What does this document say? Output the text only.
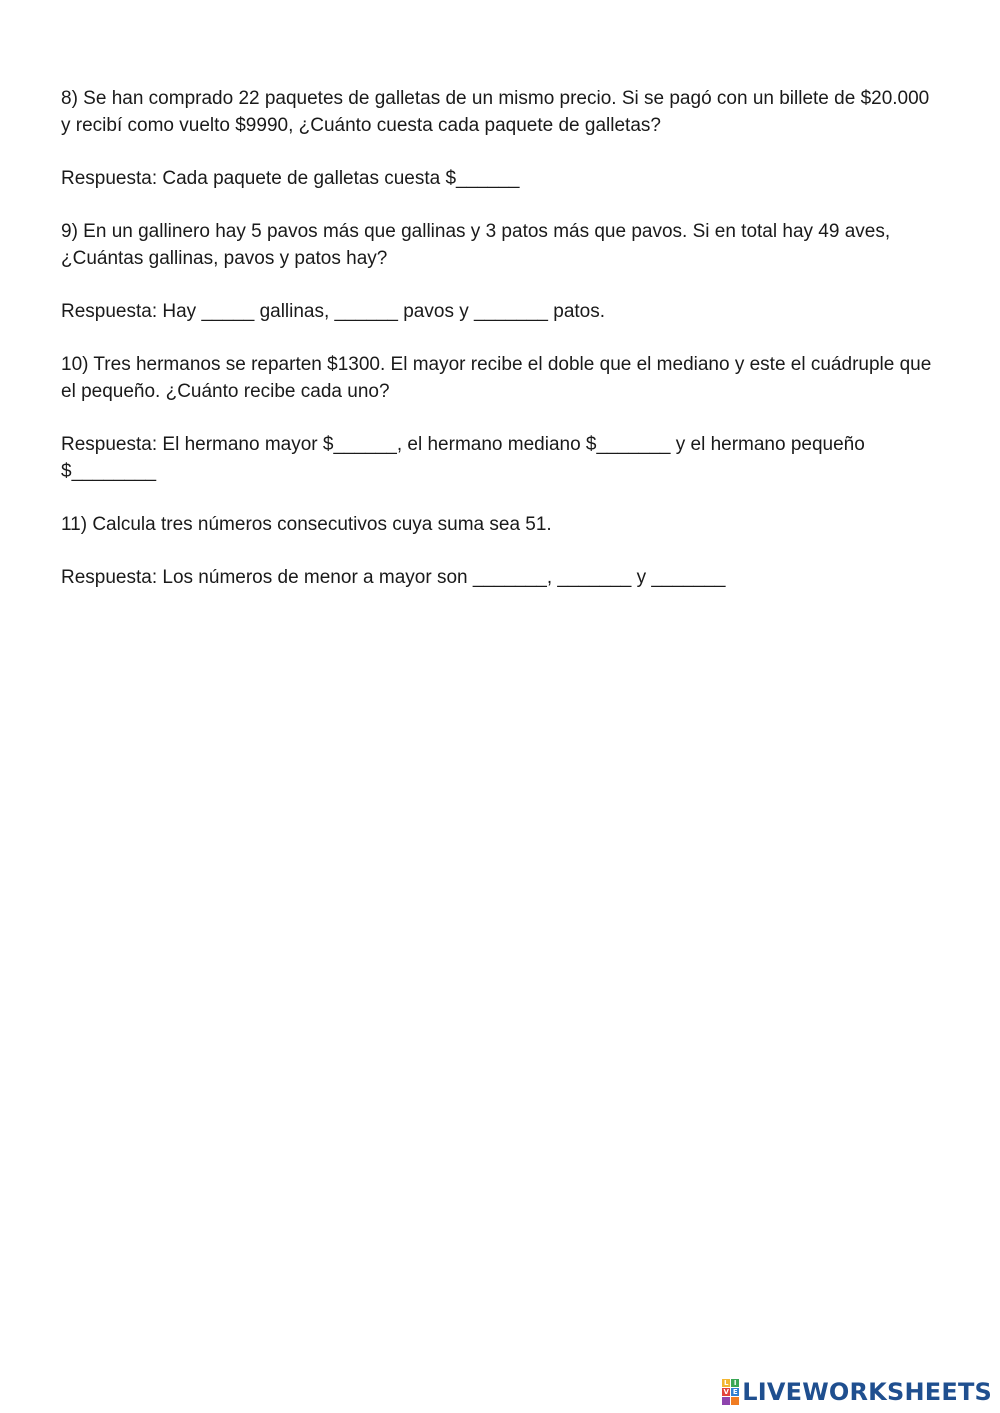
8) Se han comprado 22 paquetes de galletas de un mismo precio. Si se pagó con un billete de $20.000 y recibí como vuelto $9990, ¿Cuánto cuesta cada paquete de galletas?

Respuesta: Cada paquete de galletas cuesta $______

9) En un gallinero hay 5 pavos más que gallinas y 3 patos más que pavos. Si en total hay 49 aves, ¿Cuántas gallinas, pavos y patos hay?

Respuesta: Hay _____ gallinas, ______ pavos y _______ patos.

10) Tres hermanos se reparten $1300. El mayor recibe el doble que el mediano y este el cuádruple que el pequeño. ¿Cuánto recibe cada uno?

Respuesta: El hermano mayor $______, el hermano mediano $_______ y el hermano pequeño $________

11) Calcula tres números consecutivos cuya suma sea 51.

Respuesta: Los números de menor a mayor son _______, _______ y _______

L I
V E LIVEWORKSHEETS
